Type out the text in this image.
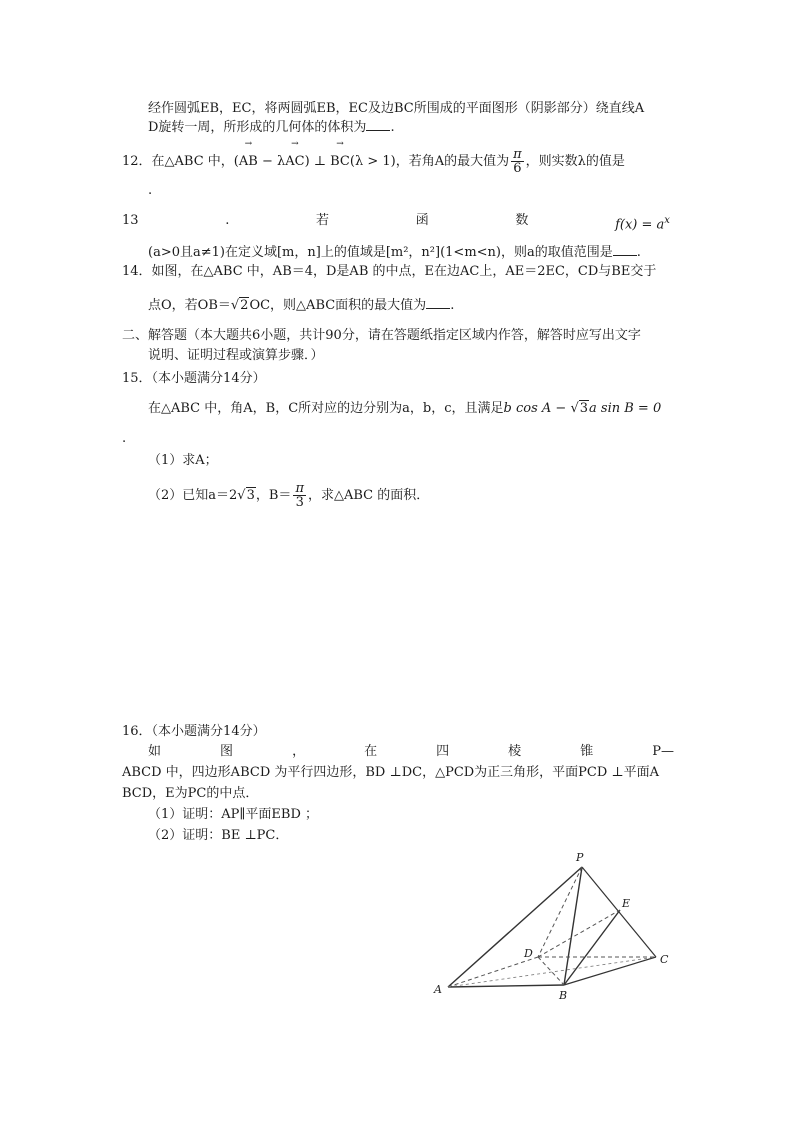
经作圆弧EB，EC，将两圆弧EB，EC及边BC所围成的平面图形（阴影部分）绕直线A
D旋转一周，所形成的几何体的体积为 .
12．在△ABC 中，(→ AB − λ→ AC) ⊥ → BC(λ > 1)，若角A的最大值为 $\frac{\pi}{6}$ ，则实数λ的值是
.
13	.	若	函	数	$f(x) = a^x$
(a>0且a≠1)在定义域[m，n]上的值域是[m²，n²](1<m<n)，则a的取值范围是 .
14．如图，在△ABC 中，AB＝4，D是AB 的中点，E在边AC上，AE＝2EC，CD与BE交于
点O，若OB＝√2OC，则△ABC面积的最大值为 .
二、解答题（本大题共6小题，共计90分，请在答题纸指定区域内作答，解答时应写出文字
说明、证明过程或演算步骤．）
15．（本小题满分14分）
在△ABC 中，角A，B，C所对应的边分别为a，b，c，且满足b cos A − √3a sin B = 0
.
（1）求A；
（2）已知a＝2√3，$B= \frac{\pi}{3}$ ，求△ABC 的面积．
16．（本小题满分14分）
如	图	，	在	四	棱	锥	P—
ABCD 中，四边形ABCD 为平行四边形，BD ⊥DC，△PCD为正三角形，平面PCD ⊥平面A
BCD，E为PC的中点．
（1）证明：AP∥平面EBD ；
（2）证明：BE ⊥PC．
P
E
D	C
A	B
